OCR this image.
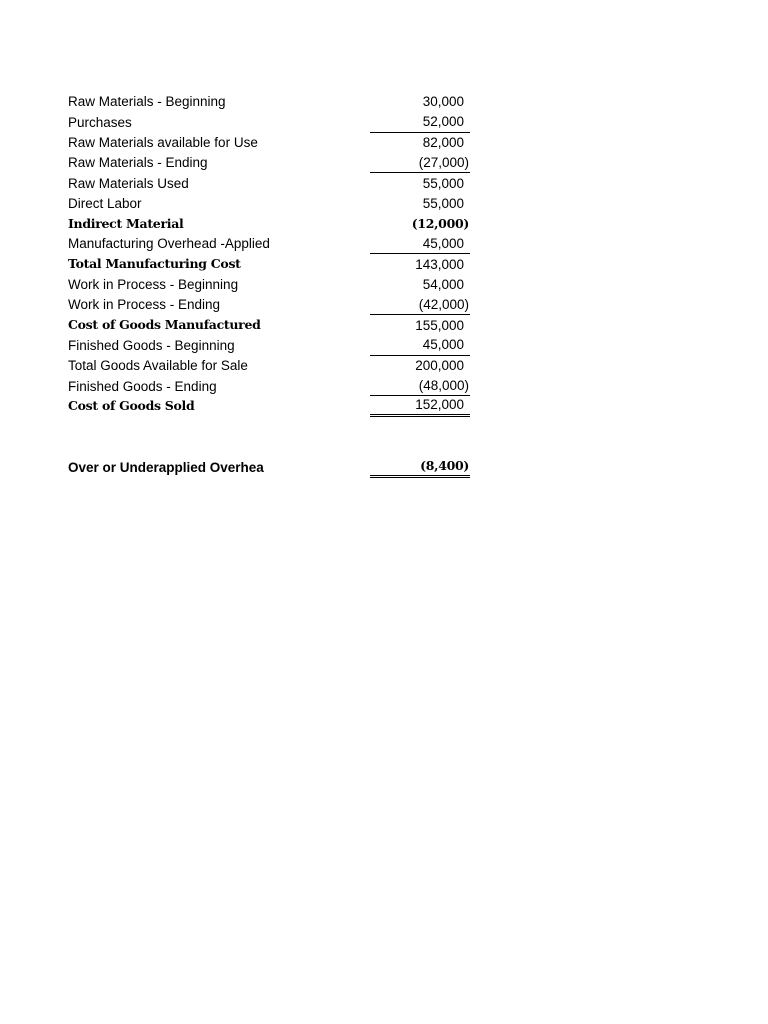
Raw Materials - Beginning	30,000
Purchases	52,000
Raw Materials available for Use	82,000
Raw Materials - Ending	(27,000)
Raw Materials Used	55,000
Direct Labor	55,000
Indirect Material	(12,000)
Manufacturing Overhead -Applied	45,000
Total Manufacturing Cost	143,000
Work in Process - Beginning	54,000
Work in Process - Ending	(42,000)
Cost of Goods Manufactured	155,000
Finished Goods - Beginning	45,000
Total Goods Available for Sale	200,000
Finished Goods - Ending	(48,000)
Cost of Goods Sold	152,000
Over or Underapplied Overhea	(8,400)
